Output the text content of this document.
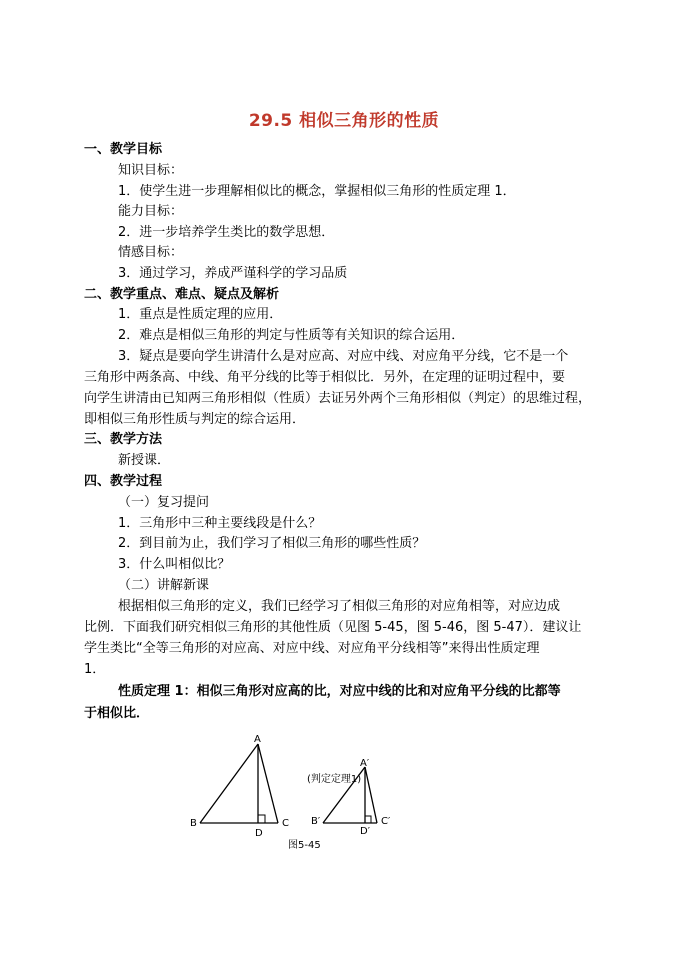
29.5 相似三角形的性质
一、教学目标
知识目标：
1．使学生进一步理解相似比的概念，掌握相似三角形的性质定理 1．
能力目标：
2．进一步培养学生类比的数学思想．
情感目标：
3．通过学习，养成严谨科学的学习品质
二、教学重点、难点、疑点及解析
1．重点是性质定理的应用．
2．难点是相似三角形的判定与性质等有关知识的综合运用．
3．疑点是要向学生讲清什么是对应高、对应中线、对应角平分线，它不是一个
三角形中两条高、中线、角平分线的比等于相似比．另外，在定理的证明过程中，要
向学生讲清由已知两三角形相似（性质）去证另外两个三角形相似（判定）的思维过程，
即相似三角形性质与判定的综合运用．
三、教学方法
新授课．
四、教学过程
（一）复习提问
1．三角形中三种主要线段是什么？
2．到目前为止，我们学习了相似三角形的哪些性质？
3．什么叫相似比？
（二）讲解新课
根据相似三角形的定义，我们已经学习了相似三角形的对应角相等，对应边成
比例．下面我们研究相似三角形的其他性质（见图 5-45，图 5-46，图 5-47）．建议让
学生类比“全等三角形的对应高、对应中线、对应角平分线相等”来得出性质定理
1．
性质定理 1：相似三角形对应高的比，对应中线的比和对应角平分线的比都等
于相似比．
A
B	C
D
(判定定理1)
A′
B′	C′
D′
图5-45
